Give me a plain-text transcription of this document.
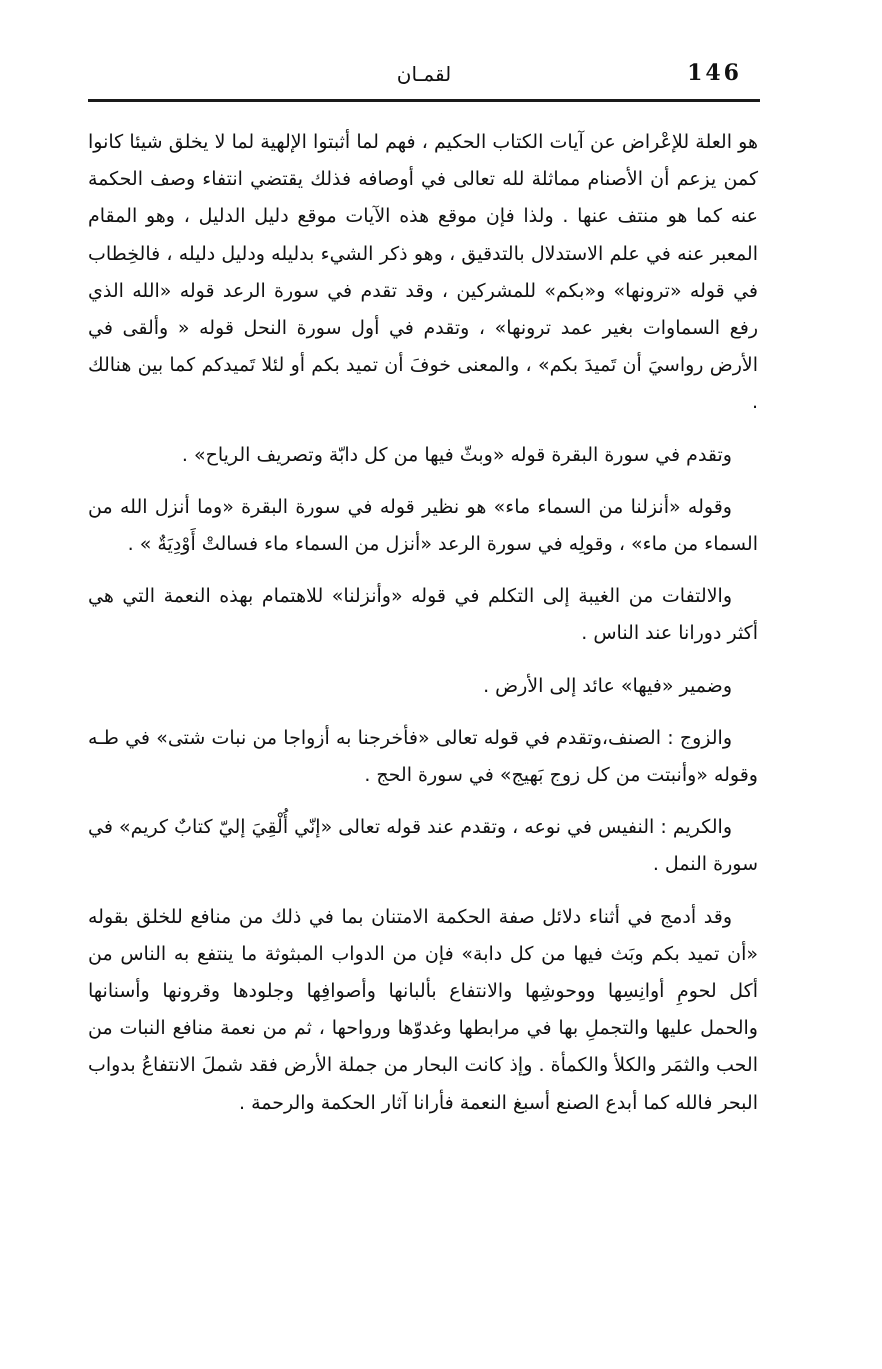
146
لقمـان

هو العلة للإعْراض عن آيات الكتاب الحكيم ، فهم لما أثبتوا الإلهية لما لا يخلق شيئا كانوا كمن يزعم أن الأصنام مماثلة لله تعالى في أوصافه فذلك يقتضي انتفاء وصف الحكمة عنه كما هو منتف عنها . ولذا فإن موقع هذه الآيات موقع دليل الدليل ، وهو المقام المعبر عنه في علم الاستدلال بالتدقيق ، وهو ذكر الشيء بدليله ودليل دليله ، فالخِطاب في قوله «ترونها» و«بكم» للمشركين ، وقد تقدم في سورة الرعد قوله «الله الذي رفع السماوات بغير عمد ترونها» ، وتقدم في أول سورة النحل قوله « وألقى في الأرض رواسيَ أن تَميدَ بكم» ، والمعنى خوفَ أن تميد بكم أو لئلا تَميدكم كما بين هنالك .

وتقدم في سورة البقرة قوله «وبثّ فيها من كل دابّة وتصريف الرياح» .

وقوله «أنزلنا من السماء ماء» هو نظير قوله في سورة البقرة «وما أنزل الله من السماء من ماء» ، وقولِه في سورة الرعد «أنزل من السماء ماء فسالتْ أَوْدِيَةٌ » .

والالتفات من الغيبة إلى التكلم في قوله «وأنزلنا» للاهتمام بهذه النعمة التي هي أكثر دورانا عند الناس .

وضمير «فيها» عائد إلى الأرض .

والزوج : الصنف،وتقدم في قوله تعالى «فأخرجنا به أزواجا من نبات شتى» في طـه وقوله «وأنبتت من كل زوج بَهيج» في سورة الحج .

والكريم : النفيس في نوعه ، وتقدم عند قوله تعالى «إنّي أُلْقِيَ إليّ كتابٌ كريم» في سورة النمل .

وقد أدمج في أثناء دلائل صفة الحكمة الامتنان بما في ذلك من منافع للخلق بقوله «أن تميد بكم وبَث فيها من كل دابة» فإن من الدواب المبثوثة ما ينتفع به الناس من أكل لحومِ أوانِسِها ووحوشِها والانتفاع بألبانها وأصوافِها وجلودها وقرونها وأسنانها والحمل عليها والتجملِ بها في مرابطها وغدوّها ورواحها ، ثم من نعمة منافع النبات من الحب والثمَر والكلأ والكمأة . وإذ كانت البحار من جملة الأرض فقد شملَ الانتفاعُ بدواب البحر فالله كما أبدع الصنع أسبغ النعمة فأرانا آثار الحكمة والرحمة .
